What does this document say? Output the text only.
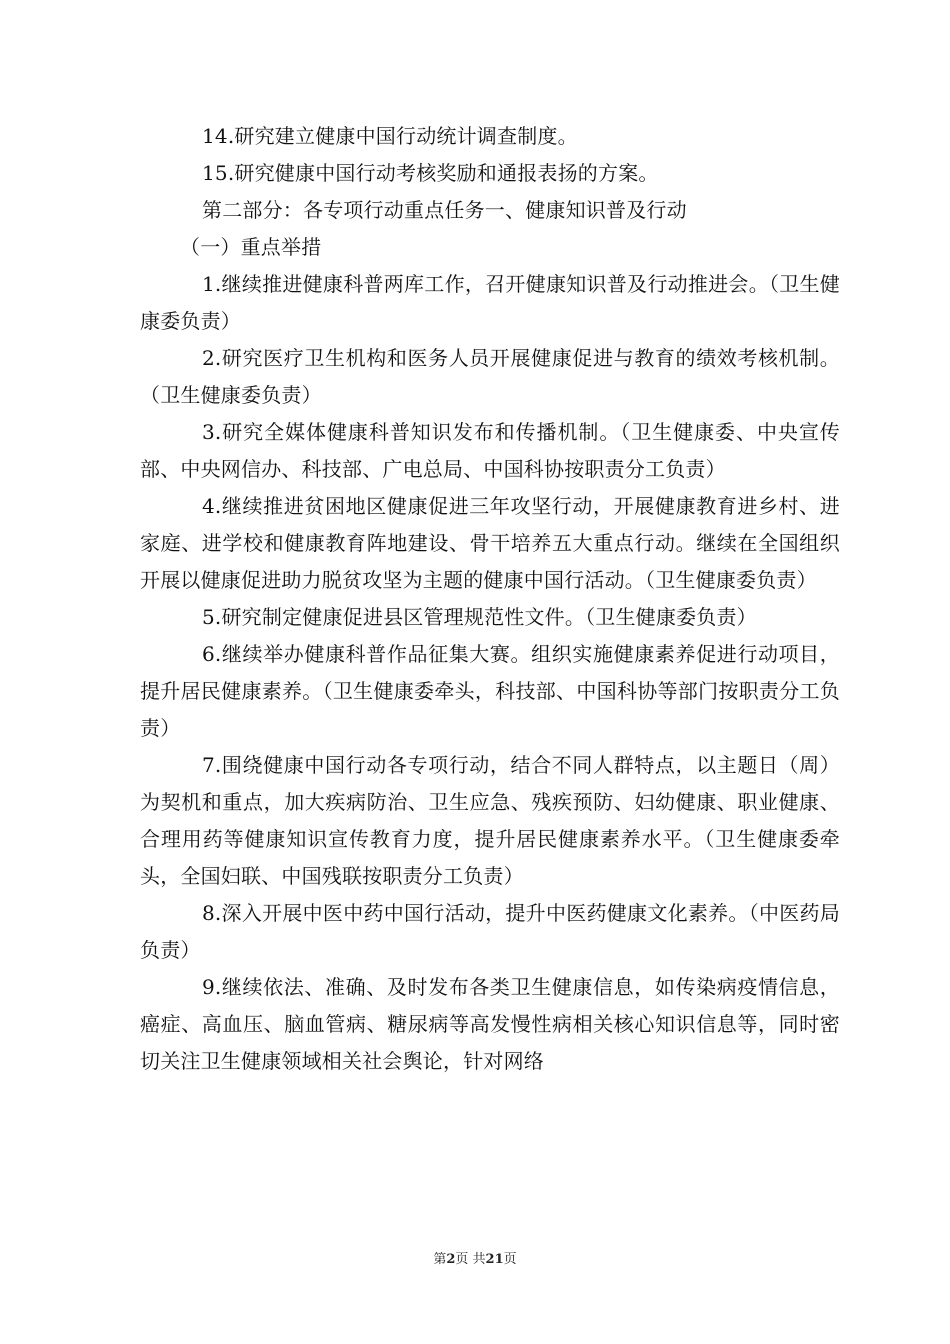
14.研究建立健康中国行动统计调查制度。

15.研究健康中国行动考核奖励和通报表扬的方案。

第二部分：各专项行动重点任务一、健康知识普及行动

（一）重点举措

1.继续推进健康科普两库工作，召开健康知识普及行动推进会。（卫生健康委负责）

2.研究医疗卫生机构和医务人员开展健康促进与教育的绩效考核机制。（卫生健康委负责）

3.研究全媒体健康科普知识发布和传播机制。（卫生健康委、中央宣传部、中央网信办、科技部、广电总局、中国科协按职责分工负责）

4.继续推进贫困地区健康促进三年攻坚行动，开展健康教育进乡村、进家庭、进学校和健康教育阵地建设、骨干培养五大重点行动。继续在全国组织开展以健康促进助力脱贫攻坚为主题的健康中国行活动。（卫生健康委负责）

5.研究制定健康促进县区管理规范性文件。（卫生健康委负责）

6.继续举办健康科普作品征集大赛。组织实施健康素养促进行动项目，提升居民健康素养。（卫生健康委牵头，科技部、中国科协等部门按职责分工负责）

7.围绕健康中国行动各专项行动，结合不同人群特点，以主题日（周）为契机和重点，加大疾病防治、卫生应急、残疾预防、妇幼健康、职业健康、合理用药等健康知识宣传教育力度，提升居民健康素养水平。（卫生健康委牵头，全国妇联、中国残联按职责分工负责）

8.深入开展中医中药中国行活动，提升中医药健康文化素养。（中医药局负责）

9.继续依法、准确、及时发布各类卫生健康信息，如传染病疫情信息，癌症、高血压、脑血管病、糖尿病等高发慢性病相关核心知识信息等，同时密切关注卫生健康领域相关社会舆论，针对网络

第2页 共21页
